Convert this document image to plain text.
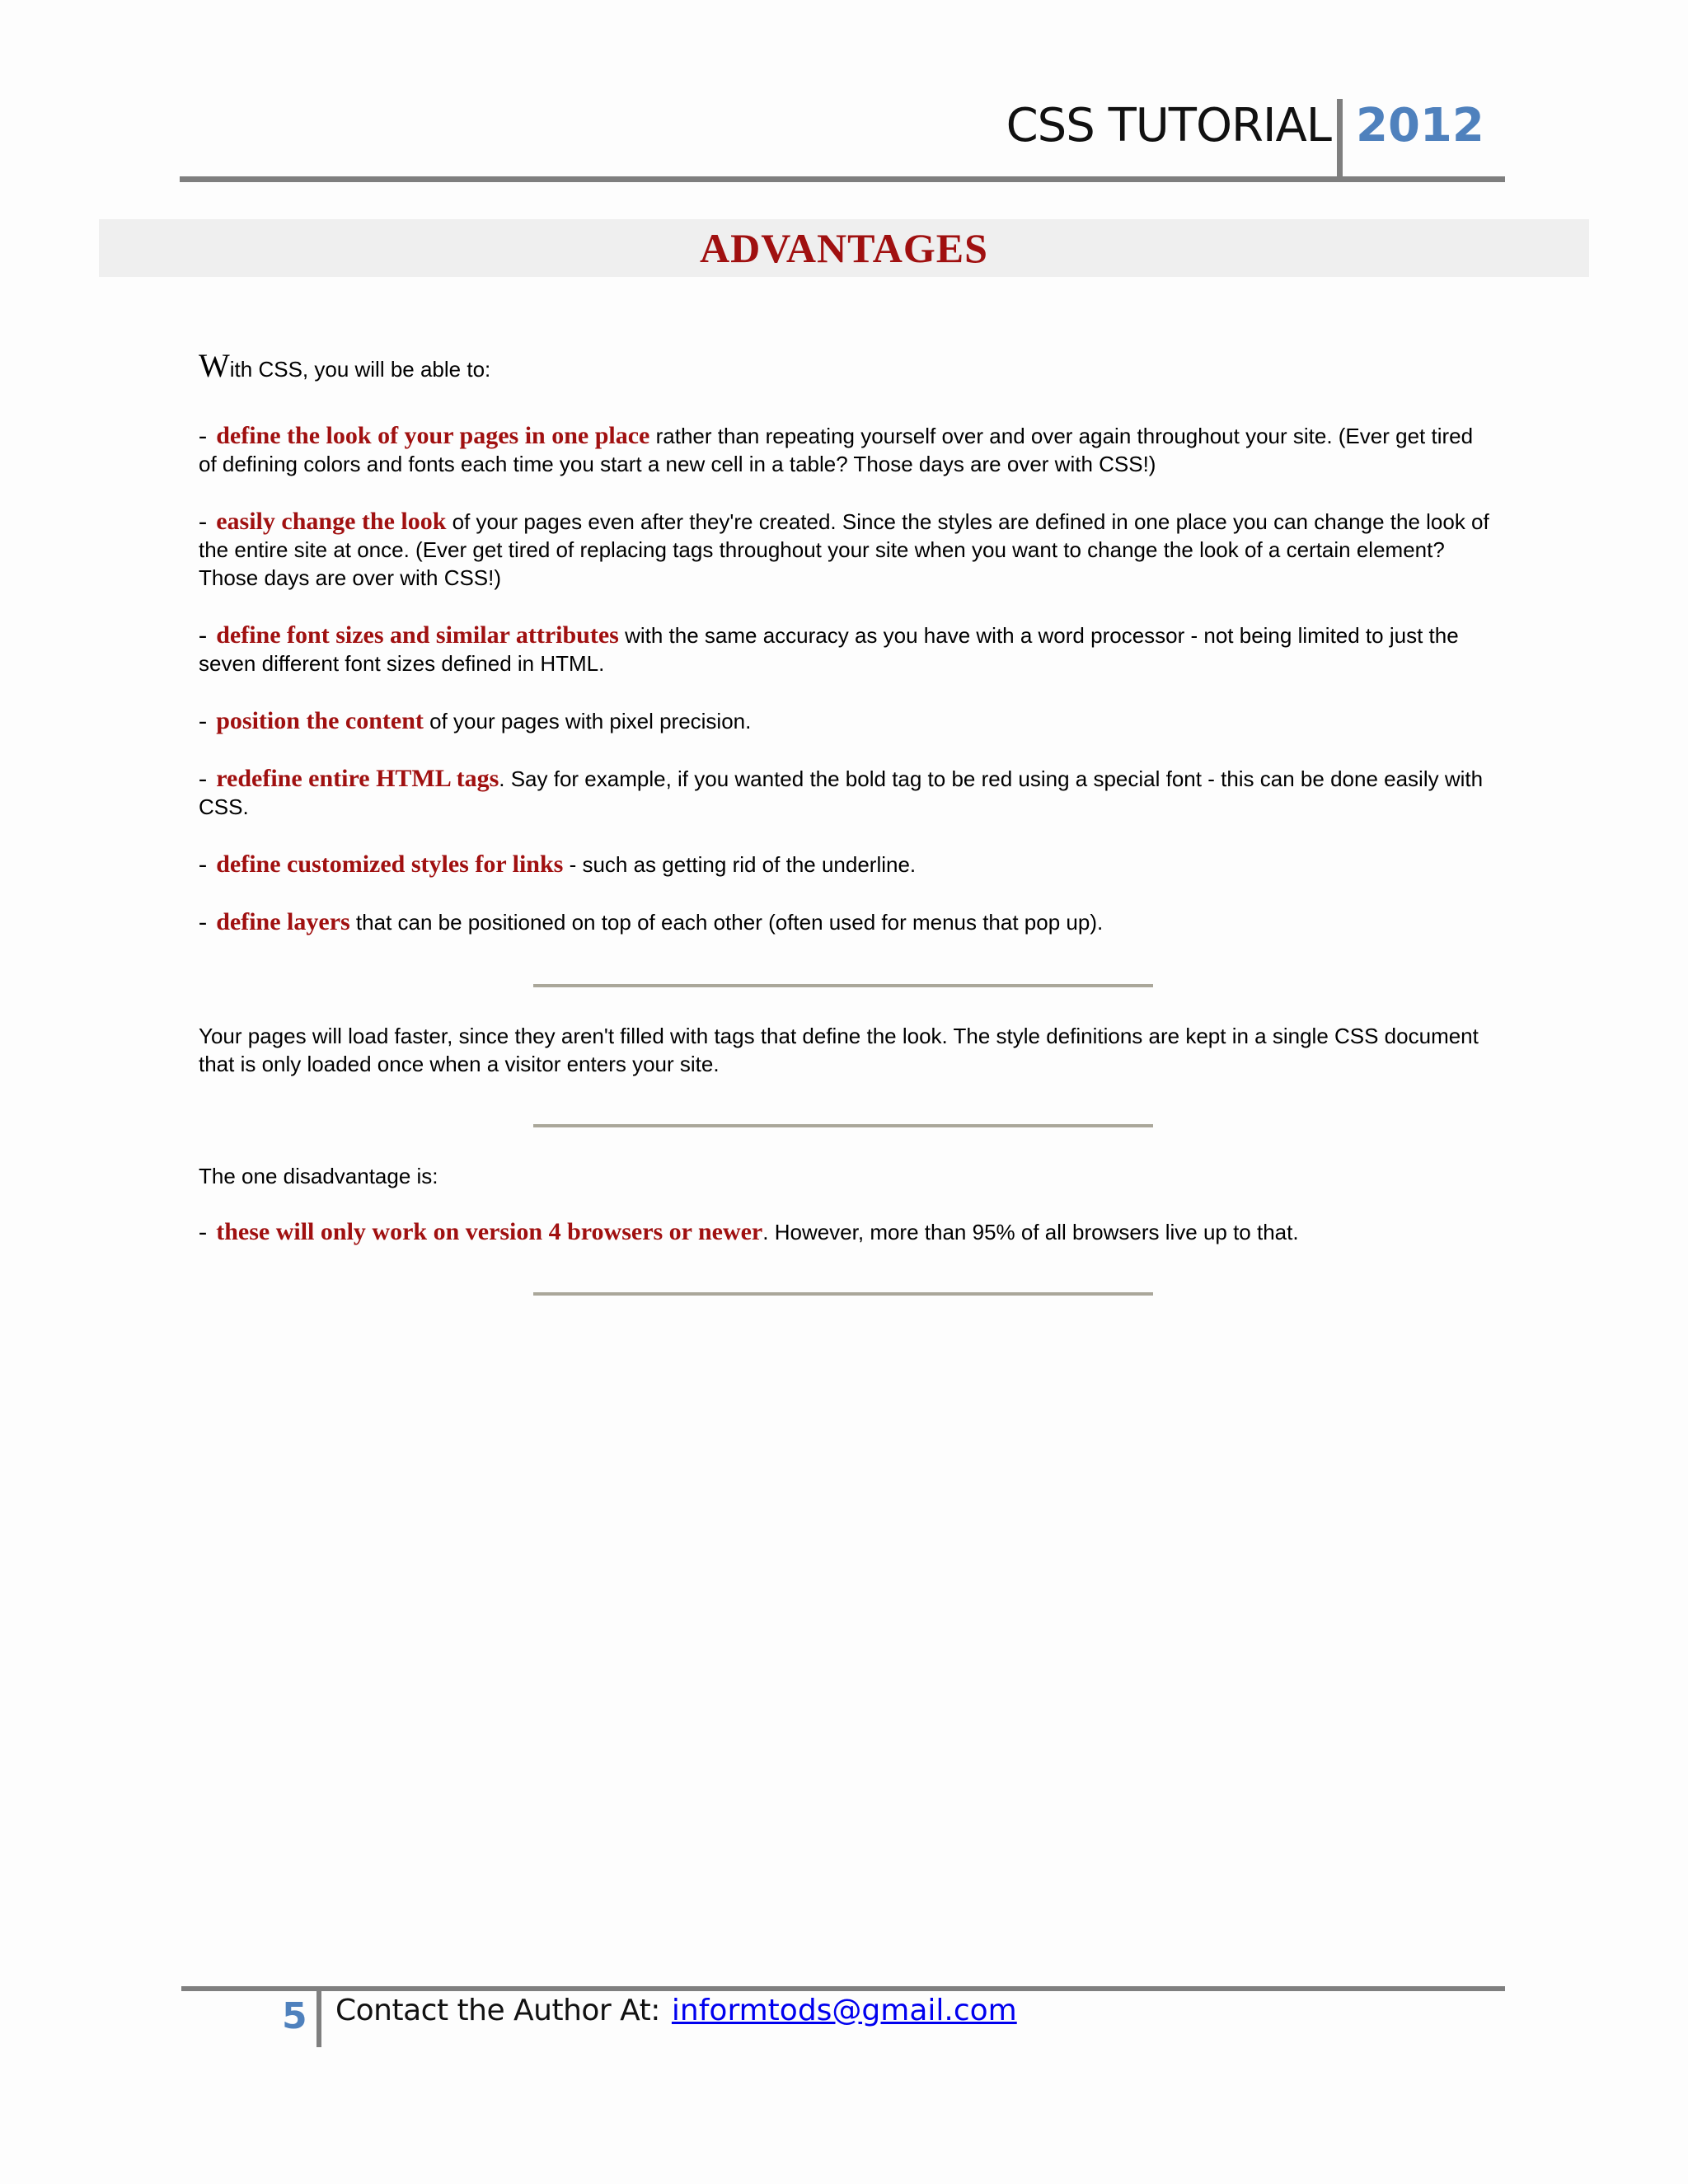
CSS TUTORIAL 2012
ADVANTAGES

With CSS, you will be able to:

- define the look of your pages in one place rather than repeating yourself over and over again throughout your site. (Ever get tired of defining colors and fonts each time you start a new cell in a table? Those days are over with CSS!)

- easily change the look of your pages even after they're created. Since the styles are defined in one place you can change the look of the entire site at once. (Ever get tired of replacing tags throughout your site when you want to change the look of a certain element? Those days are over with CSS!)

- define font sizes and similar attributes with the same accuracy as you have with a word processor - not being limited to just the seven different font sizes defined in HTML.

- position the content of your pages with pixel precision.

- redefine entire HTML tags. Say for example, if you wanted the bold tag to be red using a special font - this can be done easily with CSS.

- define customized styles for links - such as getting rid of the underline.

- define layers that can be positioned on top of each other (often used for menus that pop up).

Your pages will load faster, since they aren't filled with tags that define the look. The style definitions are kept in a single CSS document that is only loaded once when a visitor enters your site.

The one disadvantage is:

- these will only work on version 4 browsers or newer. However, more than 95% of all browsers live up to that.

5 Contact the Author At: informtods@gmail.com
